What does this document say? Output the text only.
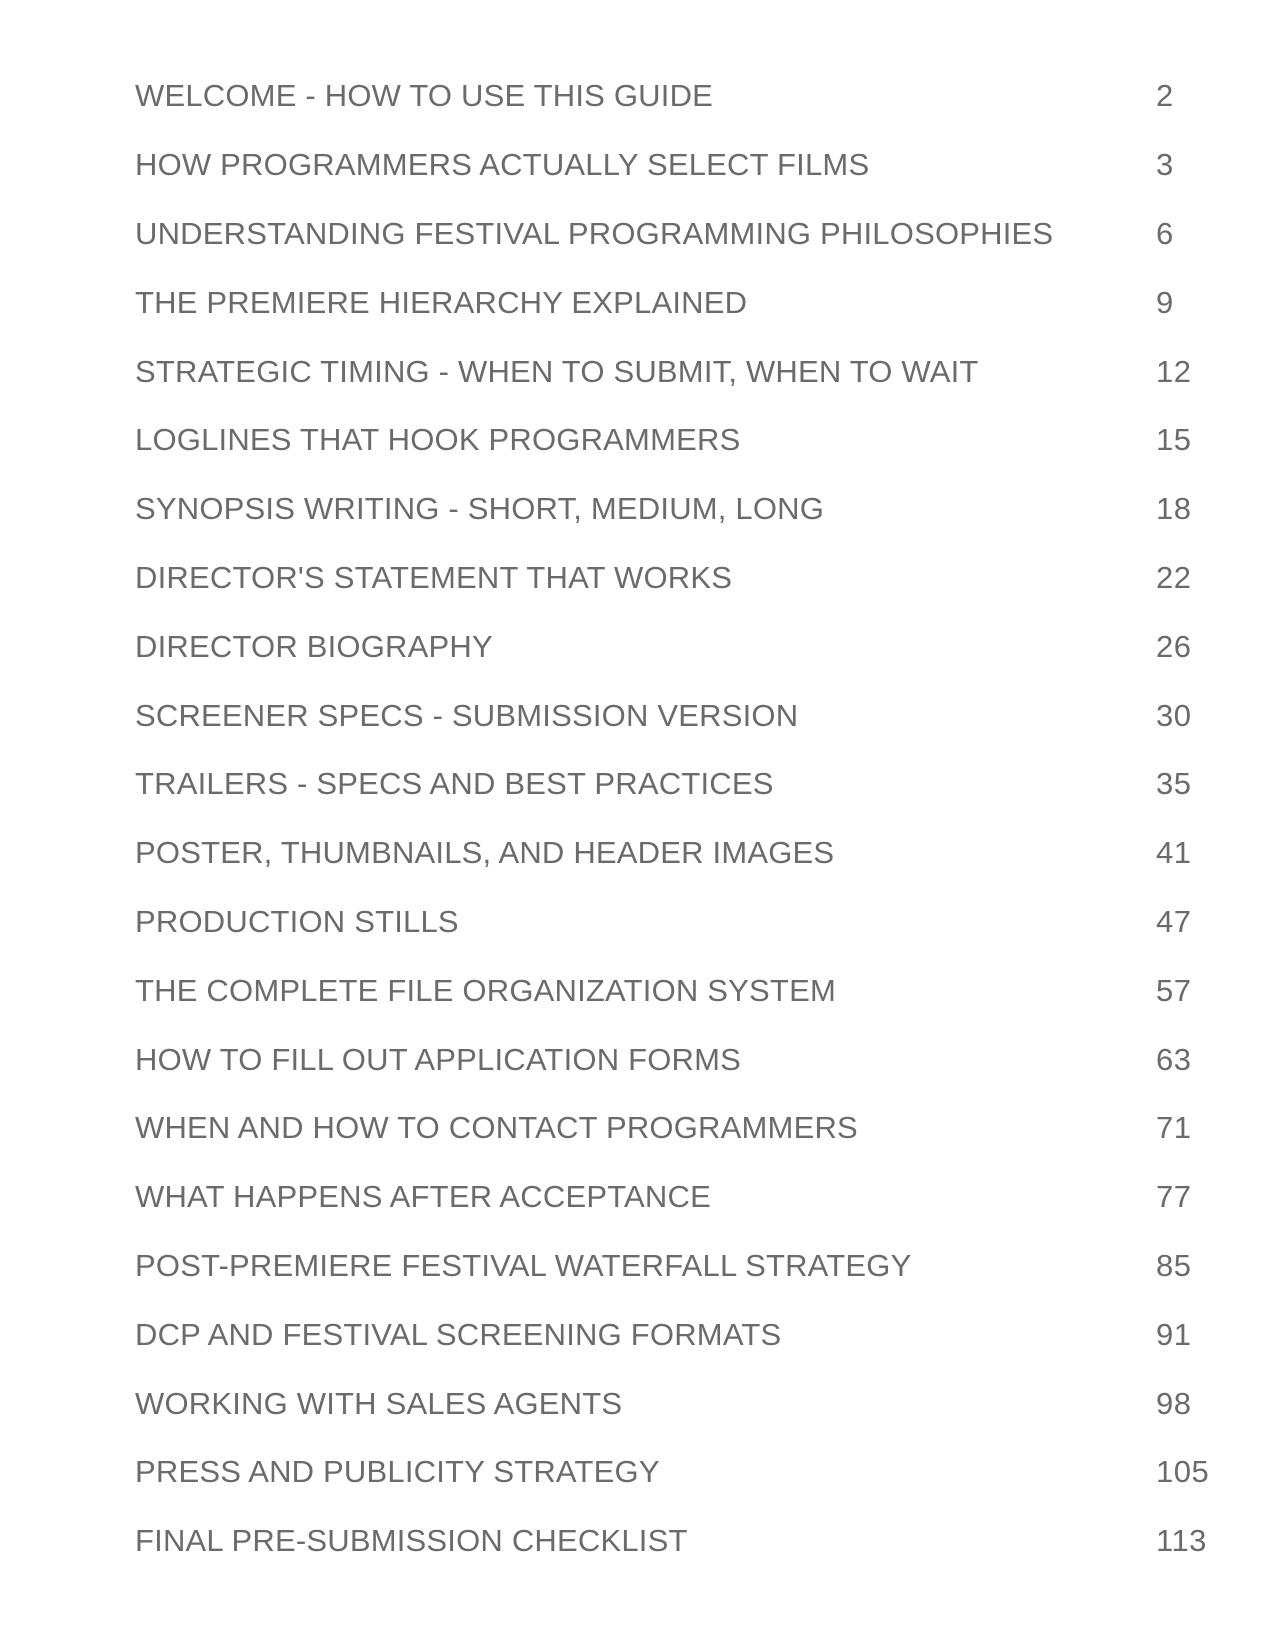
WELCOME - HOW TO USE THIS GUIDE	2
HOW PROGRAMMERS ACTUALLY SELECT FILMS	3
UNDERSTANDING FESTIVAL PROGRAMMING PHILOSOPHIES	6
THE PREMIERE HIERARCHY EXPLAINED	9
STRATEGIC TIMING - WHEN TO SUBMIT, WHEN TO WAIT	12
LOGLINES THAT HOOK PROGRAMMERS	15
SYNOPSIS WRITING - SHORT, MEDIUM, LONG	18
DIRECTOR'S STATEMENT THAT WORKS	22
DIRECTOR BIOGRAPHY	26
SCREENER SPECS - SUBMISSION VERSION	30
TRAILERS - SPECS AND BEST PRACTICES	35
POSTER, THUMBNAILS, AND HEADER IMAGES	41
PRODUCTION STILLS	47
THE COMPLETE FILE ORGANIZATION SYSTEM	57
HOW TO FILL OUT APPLICATION FORMS	63
WHEN AND HOW TO CONTACT PROGRAMMERS	71
WHAT HAPPENS AFTER ACCEPTANCE	77
POST-PREMIERE FESTIVAL WATERFALL STRATEGY	85
DCP AND FESTIVAL SCREENING FORMATS	91
WORKING WITH SALES AGENTS	98
PRESS AND PUBLICITY STRATEGY	105
FINAL PRE-SUBMISSION CHECKLIST	113
